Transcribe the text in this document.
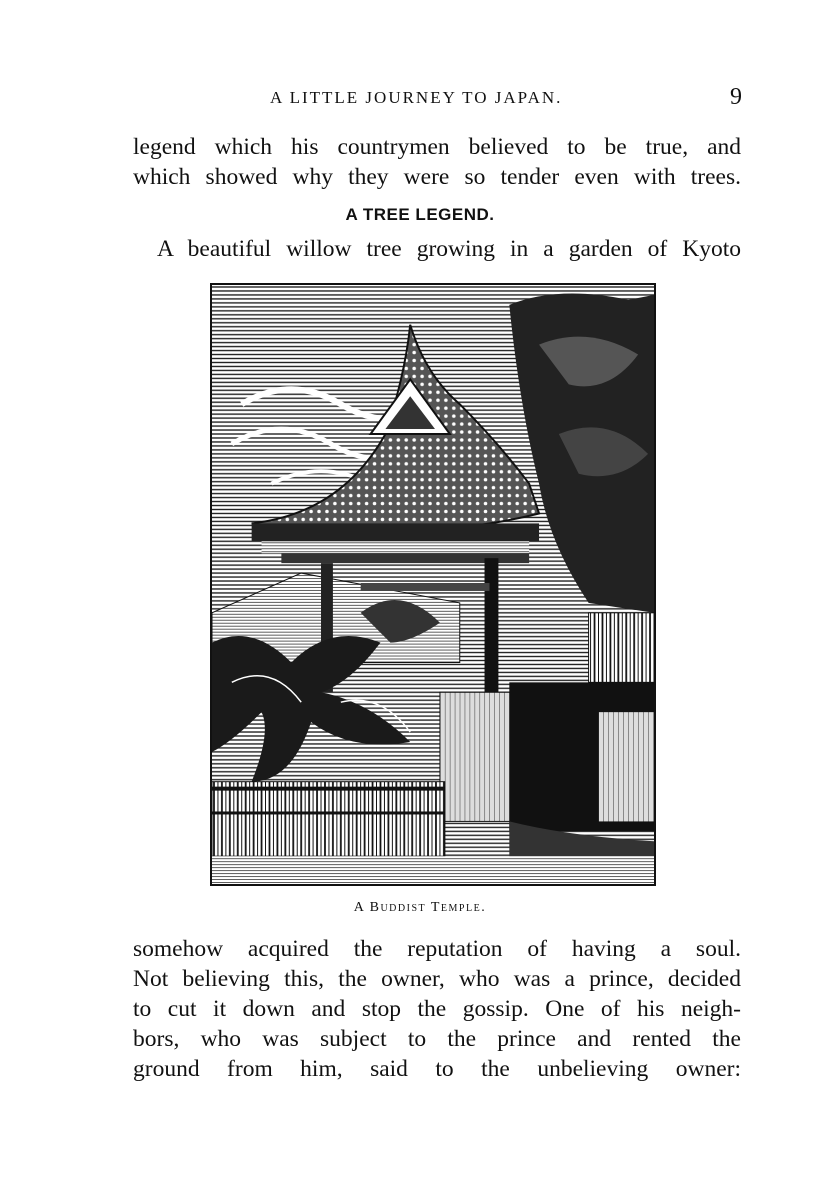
A LITTLE JOURNEY TO JAPAN.	9
legend which his countrymen believed to be true, and
which showed why they were so tender even with trees.
A TREE LEGEND.
A beautiful willow tree growing in a garden of Kyoto
A Buddist Temple.
somehow acquired the reputation of having a soul.
Not believing this, the owner, who was a prince, decided
to cut it down and stop the gossip. One of his neigh-
bors, who was subject to the prince and rented the
ground from him, said to the unbelieving owner:
